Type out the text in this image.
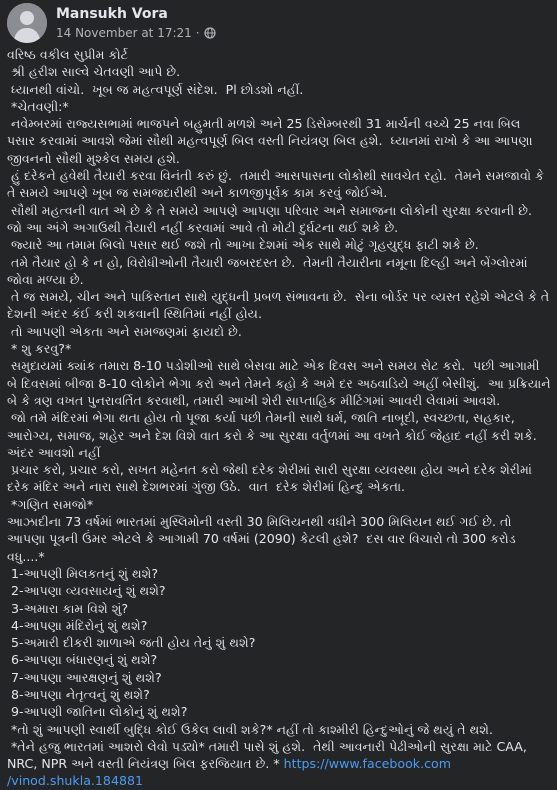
Mansukh Vora
14 November at 17:21 ·

વરિષ્ઠ વકીલ સુપ્રીમ કોર્ટ

શ્રી હરીશ સાલ્વે ચેતવણી આપે છે.

ધ્યાનથી વાંચો.  ખૂબ જ મહત્વપૂર્ણ સંદેશ.  Pl છોડશો નહીં.

*ચેતવણી:*

નવેમ્બરમાં રાજ્યસભામાં ભાજપને બહુમતી મળશે અને 25 ડિસેમ્બરથી 31 માર્ચની વચ્ચે 25 નવા બિલ પસાર કરવામાં આવશે જેમાં સૌથી મહત્વપૂર્ણ બિલ વસ્તી નિયંત્રણ બિલ હશે.  ધ્યાનમાં રાખો કે આ આપણા જીવનનો સૌથી મુશ્કેલ સમય હશે.

હું દરેકને હવેથી તૈયારી કરવા વિનંતી કરું છું.  તમારી આસપાસના લોકોથી સાવચેત રહો.  તેમને સમજાવો કે તે સમયે આપણે ખૂબ જ સમજદારીથી અને કાળજીપૂર્વક કામ કરવું જોઈએ.

સૌથી મહત્વની વાત એ છે કે તે સમયે આપણે આપણા પરિવાર અને સમાજના લોકોની સુરક્ષા કરવાની છે.  જો આ અંગે અગાઉથી તૈયારી નહીં કરવામાં આવે તો મોટી દુર્ઘટના થઈ શકે છે.

જ્યારે આ તમામ બિલો પસાર થઈ જશે તો આખા દેશમાં એક સાથે મોટું ગૃહયુદ્ધ ફાટી શકે છે.

તમે તૈયાર હો કે ન હો, વિરોધીઓની તૈયારી જબરદસ્ત છે.  તેમની તૈયારીના નમૂના દિલ્હી અને બેંગ્લોરમાં જોવા મળ્યા છે.

તે જ સમયે, ચીન અને પાકિસ્તાન સાથે યુદ્ધની પ્રબળ સંભાવના છે.  સેના બોર્ડર પર વ્યસ્ત રહેશે એટલે કે તે દેશની અંદર કંઈ કરી શકવાની સ્થિતિમાં નહીં હોય.

તો આપણી એકતા અને સમજણમાં ફાયદો છે.

* શુ કરવુ?*

સમુદાયમાં ક્યાંક તમારા 8-10 પડોશીઓ સાથે બેસવા માટે એક દિવસ અને સમય સેટ કરો.  પછી આગામી બે દિવસમાં બીજા 8-10 લોકોને ભેગા કરો અને તેમને કહો કે અમે દર અઠવાડિયે અહીં બેસીશું.  આ પ્રક્રિયાને બે કે ત્રણ વખત પુનરાવર્તિત કરવાથી, તમારી આખી શેરી સાપ્તાહિક મીટિંગમાં આવરી લેવામાં આવશે.

જો તમે મંદિરમાં ભેગા થતા હોય તો પૂજા કર્યા પછી તેમની સાથે ધર્મ, જાતિ નાબૂદી, સ્વચ્છતા, સહકાર, આરોગ્ય, સમાજ, શહેર અને દેશ વિશે વાત કરો કે આ સુરક્ષા વર્તુળમાં આ વખતે કોઈ જેહાદ નહીં કરી શકે.  અંદર આવશો નહીં

પ્રચાર કરો, પ્રચાર કરો, સખત મહેનત કરો જેથી દરેક શેરીમાં સારી સુરક્ષા વ્યવસ્થા હોય અને દરેક શેરીમાં દરેક મંદિર અને નારા સાથે દેશભરમાં ગુંજી ઉઠે.  વાત  દરેક શેરીમાં હિન્દુ એકતા.

*ગણિત સમજો*

આઝાદીના 73 વર્ષમાં ભારતમાં મુસ્લિમોની વસ્તી 30 મિલિયનથી વધીને 300 મિલિયન થઈ ગઈ છે. તો આપણા પૂત્રની ઉંમર એટલે કે આગામી 70 વર્ષમાં (2090) કેટલી હશે?  દસ વાર વિચારો તો 300 કરોડ વધુ....*

1-આપણી મિલકતનું શું થશે?

2-આપણા વ્યવસાયનું શું થશે?

3-અમારા કામ વિશે શું?

4-આપણા મંદિરોનું શું થશે?

5-અમારી દીકરી શાળાએ જતી હોય તેનું શું થશે?

6-આપણા બંધારણનું શું થશે?

7-આપણા આરક્ષણનું શું થશે?

8-આપણા નેતૃત્વનું શું થશે?

9-આપણી જાતિના લોકોનું શું થશે?

*તો શું આપણી સ્વાર્થી બુદ્ધિ કોઈ ઉકેલ લાવી શકે?* નહીં તો કાશ્મીરી હિન્દુઓનું જે થયું તે થશે.

*તેને હજુ ભારતમાં આશરો લેવો પડ્યો* તમારી પાસે શું હશે.  તેથી આવનારી પેઢીઓની સુરક્ષા માટે CAA, NRC, NPR અને વસ્તી નિયંત્રણ બિલ ફરજિયાત છે. * https://www.facebook.com

/vinod.shukla.184881
